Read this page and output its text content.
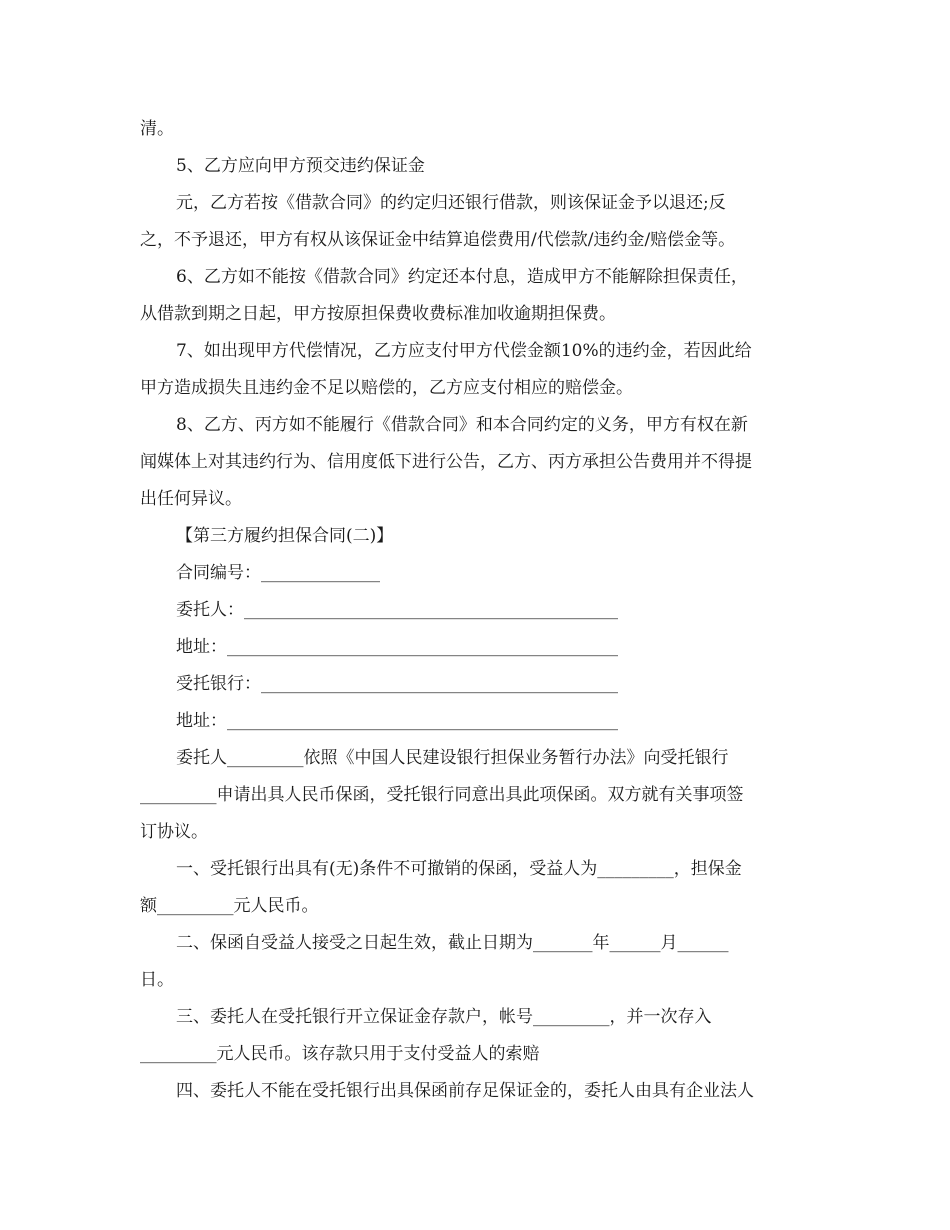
清。
5、乙方应向甲方预交违约保证金
元，乙方若按《借款合同》的约定归还银行借款，则该保证金予以退还;反
之，不予退还，甲方有权从该保证金中结算追偿费用/代偿款/违约金/赔偿金等。
6、乙方如不能按《借款合同》约定还本付息，造成甲方不能解除担保责任，
从借款到期之日起，甲方按原担保费收费标准加收逾期担保费。
7、如出现甲方代偿情况，乙方应支付甲方代偿金额10%的违约金，若因此给
甲方造成损失且违约金不足以赔偿的，乙方应支付相应的赔偿金。
8、乙方、丙方如不能履行《借款合同》和本合同约定的义务，甲方有权在新
闻媒体上对其违约行为、信用度低下进行公告，乙方、丙方承担公告费用并不得提
出任何异议。
【第三方履约担保合同(二)】
合同编号：______________
委托人：____________________________________________
地址：______________________________________________
受托银行：__________________________________________
地址：______________________________________________
委托人_________依照《中国人民建设银行担保业务暂行办法》向受托银行
_________申请出具人民币保函，受托银行同意出具此项保函。双方就有关事项签
订协议。
一、受托银行出具有(无)条件不可撤销的保函，受益人为_________，担保金
额_________元人民币。
二、保函自受益人接受之日起生效，截止日期为_______年______月______
日。
三、委托人在受托银行开立保证金存款户，帐号_________，并一次存入
_________元人民币。该存款只用于支付受益人的索赔
四、委托人不能在受托银行出具保函前存足保证金的，委托人由具有企业法人
